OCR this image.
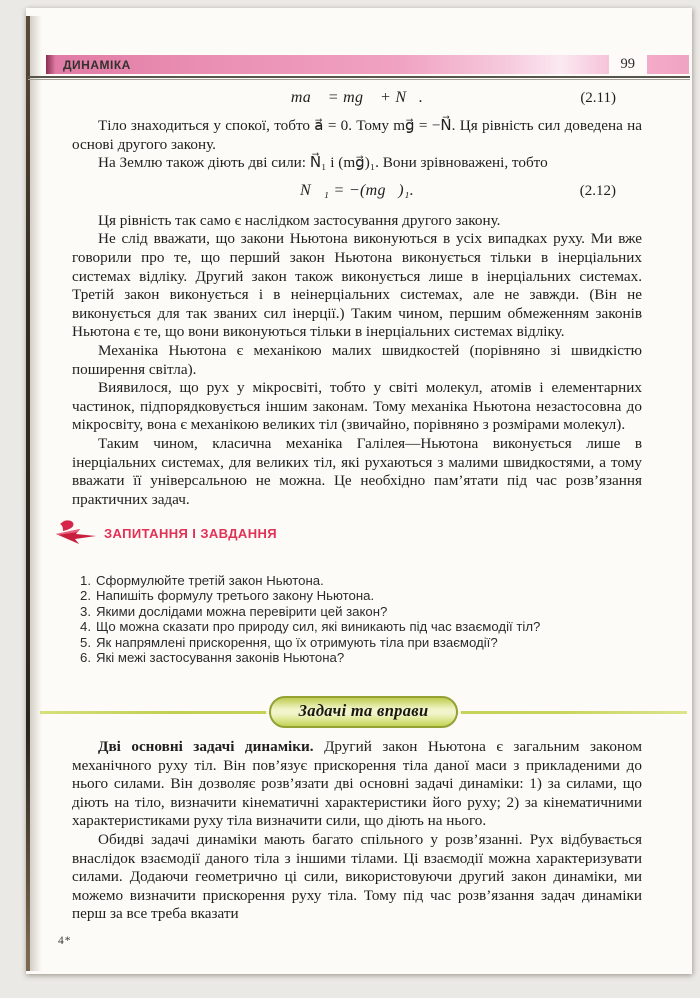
ДИНАМІКА	99
ma⃗ = mg⃗ + N⃗.	(2.11)

Тіло знаходиться у спокої, тобто a⃗ = 0. Тому mg⃗ = −N⃗. Ця рівність сил доведена на основі другого закону.

На Землю також діють дві сили: N⃗₁ і (mg⃗)₁. Вони зрівноважені, тобто

N⃗₁ = −(mg⃗)₁.	(2.12)

Ця рівність так само є наслідком застосування другого закону.

Не слід вважати, що закони Ньютона виконуються в усіх випадках руху. Ми вже говорили про те, що перший закон Ньютона виконується тільки в інерціальних системах відліку. Другий закон також виконується лише в інерціальних системах. Третій закон виконується і в неінерціальних системах, але не завжди. (Він не виконується для так званих сил інерції.) Таким чином, першим обмеженням законів Ньютона є те, що вони виконуються тільки в інерціальних системах відліку.

Механіка Ньютона є механікою малих швидкостей (порівняно зі швидкістю поширення світла).

Виявилося, що рух у мікросвіті, тобто у світі молекул, атомів і елементарних частинок, підпорядковується іншим законам. Тому механіка Ньютона незастосовна до мікросвіту, вона є механікою великих тіл (звичайно, порівняно з розмірами молекул).

Таким чином, класична механіка Галілея—Ньютона виконується лише в інерціальних системах, для великих тіл, які рухаються з малими швидкостями, а тому вважати її універсальною не можна. Це необхідно пам’ятати під час розв’язання практичних задач.

ЗАПИТАННЯ І ЗАВДАННЯ
1. Сформулюйте третій закон Ньютона.
2. Напишіть формулу третього закону Ньютона.
3. Якими дослідами можна перевірити цей закон?
4. Що можна сказати про природу сил, які виникають під час взаємодії тіл?
5. Як напрямлені прискорення, що їх отримують тіла при взаємодії?
6. Які межі застосування законів Ньютона?
Задачі та вправи

Дві основні задачі динаміки. Другий закон Ньютона є загальним законом механічного руху тіл. Він пов’язує прискорення тіла даної маси з прикладеними до нього силами. Він дозволяє розв’язати дві основні задачі динаміки: 1) за силами, що діють на тіло, визначити кінематичні характеристики його руху; 2) за кінематичними характеристиками руху тіла визначити сили, що діють на нього.

Обидві задачі динаміки мають багато спільного у розв’язанні. Рух відбувається внаслідок взаємодії даного тіла з іншими тілами. Ці взаємодії можна характеризувати силами. Додаючи геометрично ці сили, використовуючи другий закон динаміки, ми можемо визначити прискорення руху тіла. Тому під час розв’язання задач динаміки перш за все треба вказати

4*
